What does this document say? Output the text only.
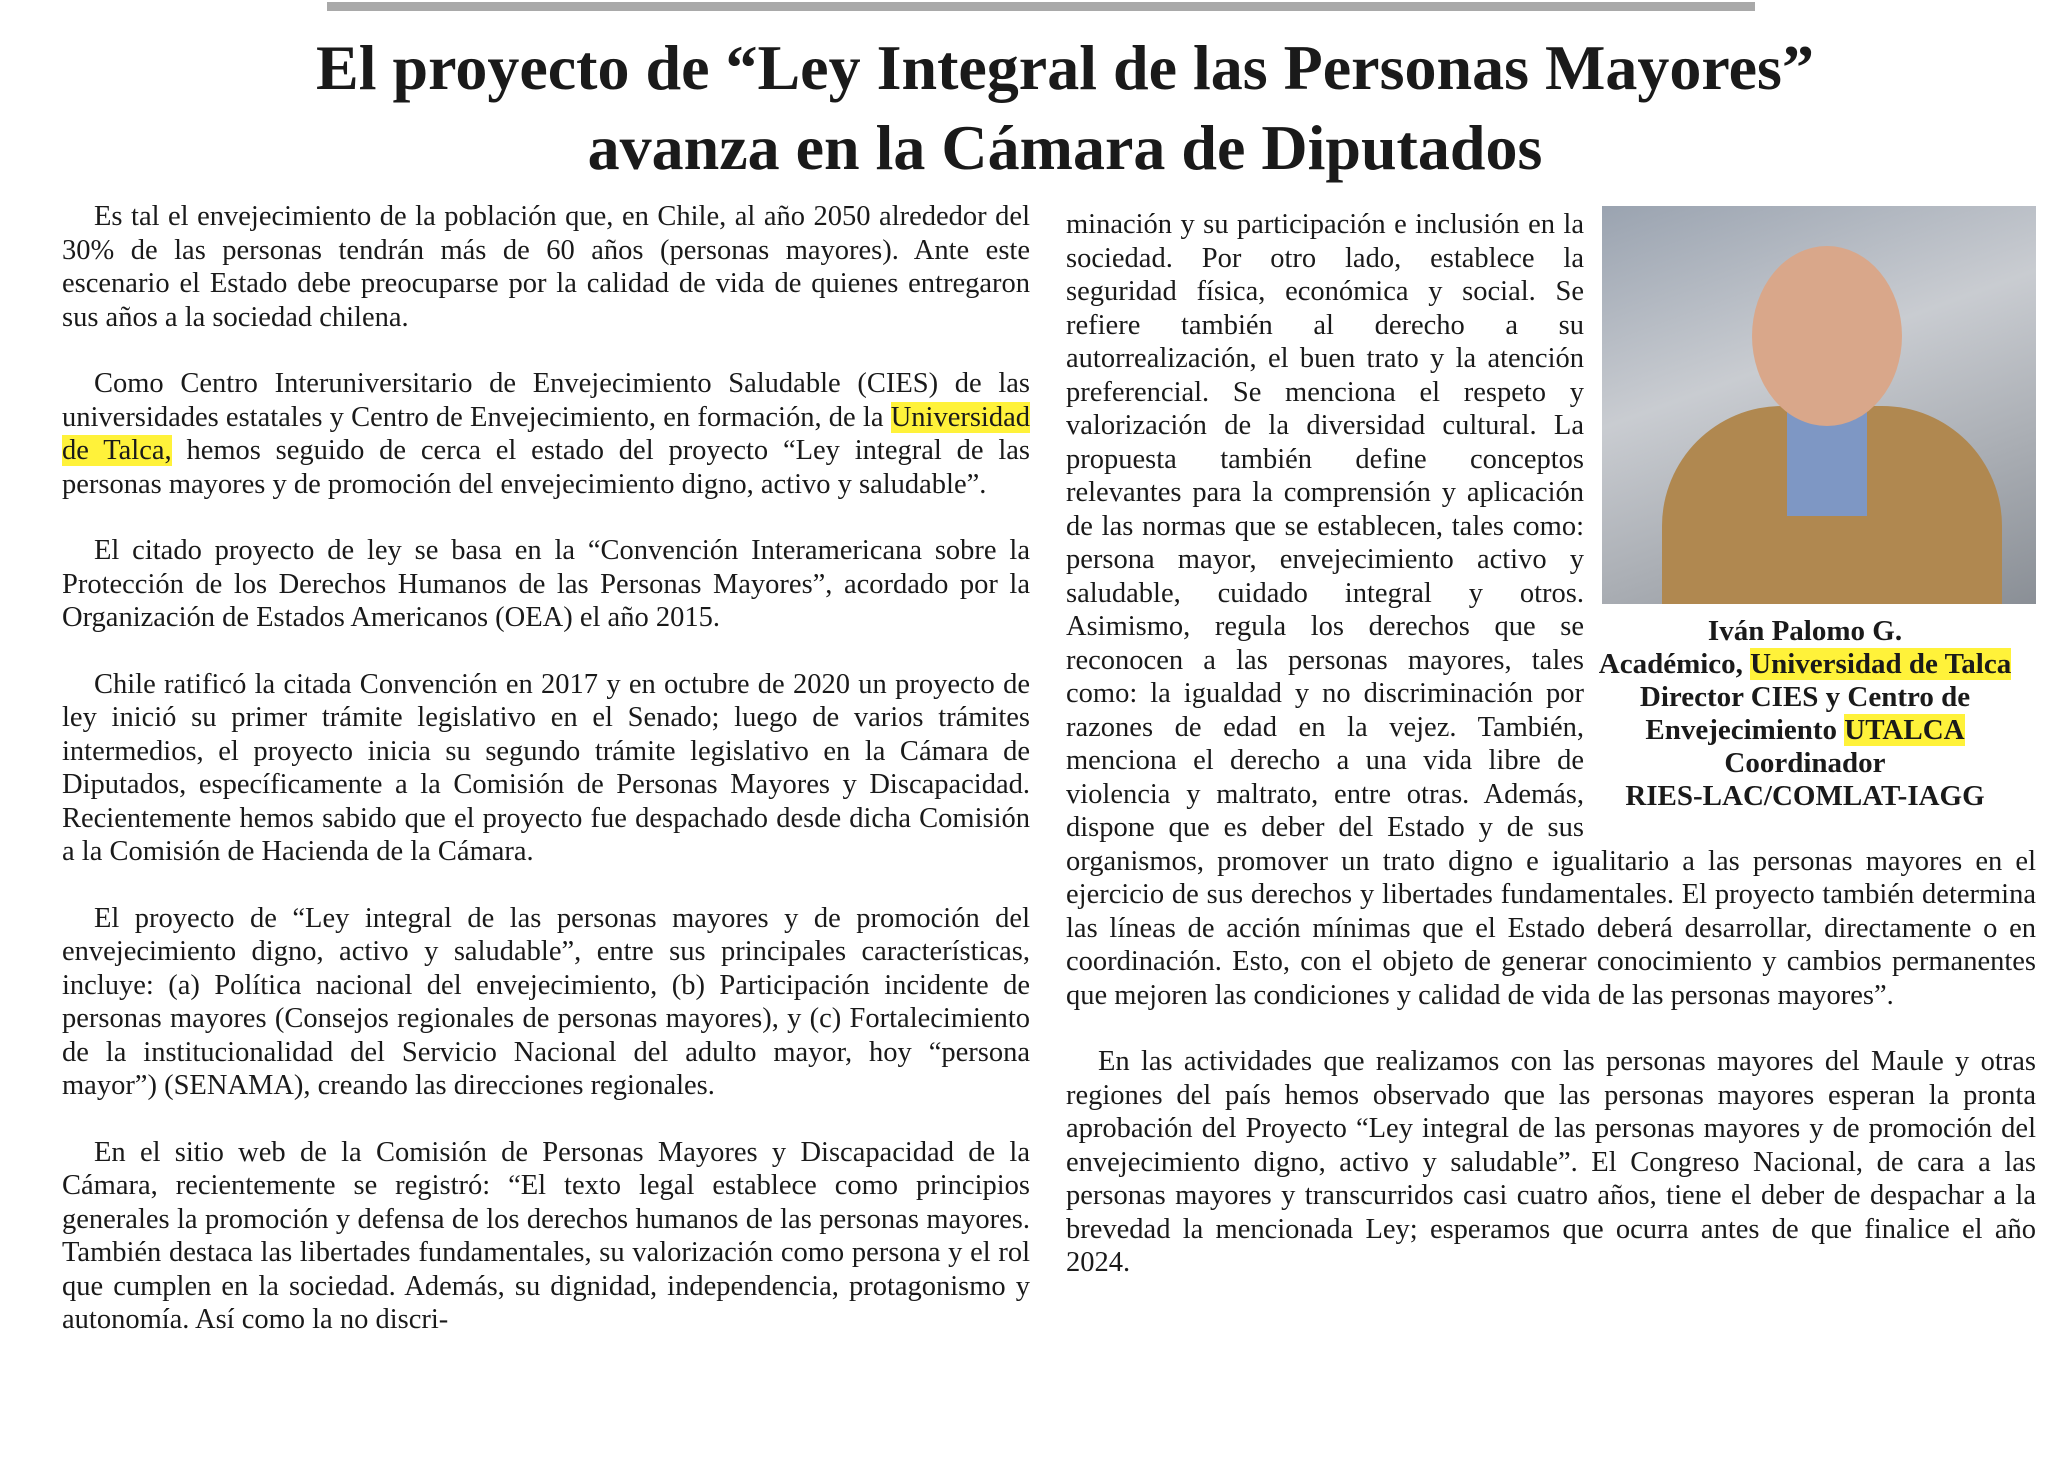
El proyecto de “Ley Integral de las Personas Mayores” avanza en la Cámara de Diputados

Es tal el envejecimiento de la población que, en Chile, al año 2050 alrededor del 30% de las personas tendrán más de 60 años (personas mayores). Ante este escenario el Estado debe preocuparse por la calidad de vida de quienes entregaron sus años a la sociedad chilena.

Como Centro Interuniversitario de Envejecimiento Saludable (CIES) de las universidades estatales y Centro de Envejecimiento, en formación, de la Universidad de Talca, hemos seguido de cerca el estado del proyecto “Ley integral de las personas mayores y de promoción del envejecimiento digno, activo y saludable”.

El citado proyecto de ley se basa en la “Convención Interamericana sobre la Protección de los Derechos Humanos de las Personas Mayores”, acordado por la Organización de Estados Americanos (OEA) el año 2015.

Chile ratificó la citada Convención en 2017 y en octubre de 2020 un proyecto de ley inició su primer trámite legislativo en el Senado; luego de varios trámites intermedios, el proyecto inicia su segundo trámite legislativo en la Cámara de Diputados, específicamente a la Comisión de Personas Mayores y Discapacidad. Recientemente hemos sabido que el proyecto fue despachado desde dicha Comisión a la Comisión de Hacienda de la Cámara.

El proyecto de “Ley integral de las personas mayores y de promoción del envejecimiento digno, activo y saludable”, entre sus principales características, incluye: (a) Política nacional del envejecimiento, (b) Participación incidente de personas mayores (Consejos regionales de personas mayores), y (c) Fortalecimiento de la institucionalidad del Servicio Nacional del adulto mayor, hoy “persona mayor”) (SENAMA), creando las direcciones regionales.

En el sitio web de la Comisión de Personas Mayores y Discapacidad de la Cámara, recientemente se registró: “El texto legal establece como principios generales la promoción y defensa de los derechos humanos de las personas mayores. También destaca las libertades fundamentales, su valorización como persona y el rol que cumplen en la sociedad. Además, su dignidad, independencia, protagonismo y autonomía. Así como la no discri-

minación y su participación e inclusión en la sociedad. Por otro lado, establece la seguridad física, económica y social. Se refiere también al derecho a su autorrealización, el buen trato y la atención preferencial. Se menciona el respeto y valorización de la diversidad cultural. La propuesta también define conceptos relevantes para la comprensión y aplicación de las normas que se establecen, tales como: persona mayor, envejecimiento activo y saludable, cuidado integral y otros. Asimismo, regula los derechos que se reconocen a las personas mayores, tales como: la igualdad y no discriminación por razones de edad en la vejez. También, menciona el derecho a una vida libre de violencia y maltrato, entre otras. Además, dispone que es deber del Estado y de sus organismos, promover un trato digno e igualitario a las personas mayores en el ejercicio de sus derechos y libertades fundamentales. El proyecto también determina las líneas de acción mínimas que el Estado deberá desarrollar, directamente o en coordinación. Esto, con el objeto de generar conocimiento y cambios permanentes que mejoren las condiciones y calidad de vida de las personas mayores”.

En las actividades que realizamos con las personas mayores del Maule y otras regiones del país hemos observado que las personas mayores esperan la pronta aprobación del Proyecto “Ley integral de las personas mayores y de promoción del envejecimiento digno, activo y saludable”. El Congreso Nacional, de cara a las personas mayores y transcurridos casi cuatro años, tiene el deber de despachar a la brevedad la mencionada Ley; esperamos que ocurra antes de que finalice el año 2024.

Iván Palomo G.
Académico, Universidad de Talca
Director CIES y Centro de
Envejecimiento UTALCA
Coordinador
RIES-LAC/COMLAT-IAGG
